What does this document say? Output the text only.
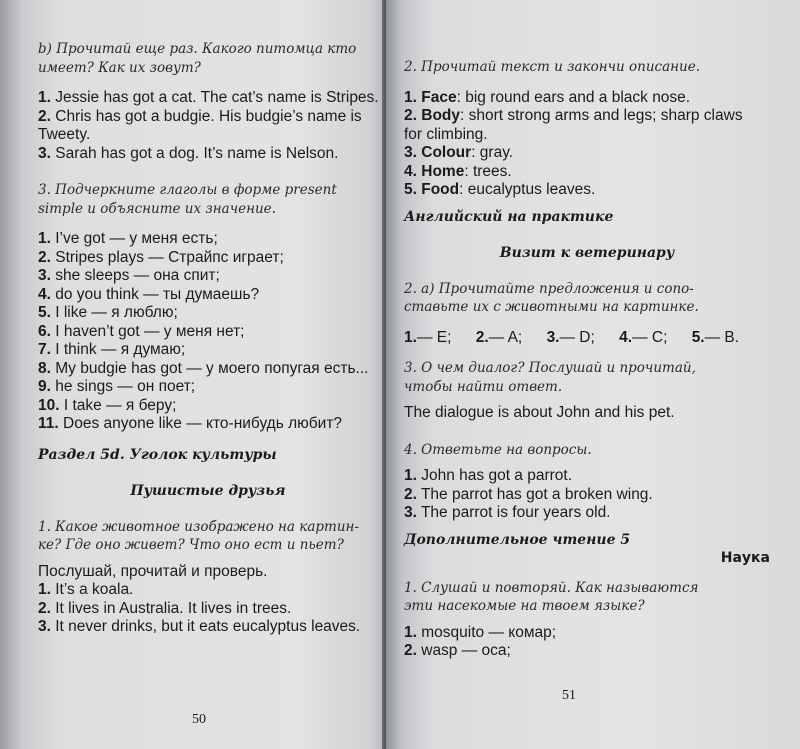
b) Прочитай еще раз. Какого питомца кто
имеет? Как их зовут?
1. Jessie has got a cat. The cat’s name is Stripes.
2. Chris has got a budgie. His budgie’s name is
Tweety.
3. Sarah has got a dog. It’s name is Nelson.
3. Подчеркните глаголы в форме present
simple и объясните их значение.
1. I’ve got — у меня есть;
2. Stripes plays — Страйпс играет;
3. she sleeps — она спит;
4. do you think — ты думаешь?
5. I like — я люблю;
6. I haven’t got — у меня нет;
7. I think — я думаю;
8. My budgie has got — у моего попугая есть...
9. he sings — он поет;
10. I take — я беру;
11. Does anyone like — кто-нибудь любит?
Раздел 5d. Уголок культуры
Пушистые друзья
1. Какое животное изображено на картин-
ке? Где оно живет? Что оно ест и пьет?
Послушай, прочитай и проверь.
1. It’s a koala.
2. It lives in Australia. It lives in trees.
3. It never drinks, but it eats eucalyptus leaves.
50
2. Прочитай текст и закончи описание.
1. Face: big round ears and a black nose.
2. Body: short strong arms and legs; sharp claws
for climbing.
3. Colour: gray.
4. Home: trees.
5. Food: eucalyptus leaves.
Английский на практике
Визит к ветеринару
2. а) Прочитайте предложения и сопо-
ставьте их с животными на картинке.
1.— E; 2.— A; 3.— D; 4.— C; 5.— B.
3. О чем диалог? Послушай и прочитай,
чтобы найти ответ.
The dialogue is about John and his pet.
4. Ответьте на вопросы.
1. John has got a parrot.
2. The parrot has got a broken wing.
3. The parrot is four years old.
Дополнительное чтение 5
Наука
1. Слушай и повторяй. Как называются
эти насекомые на твоем языке?
1. mosquito — комар;
2. wasp — оса;
51
